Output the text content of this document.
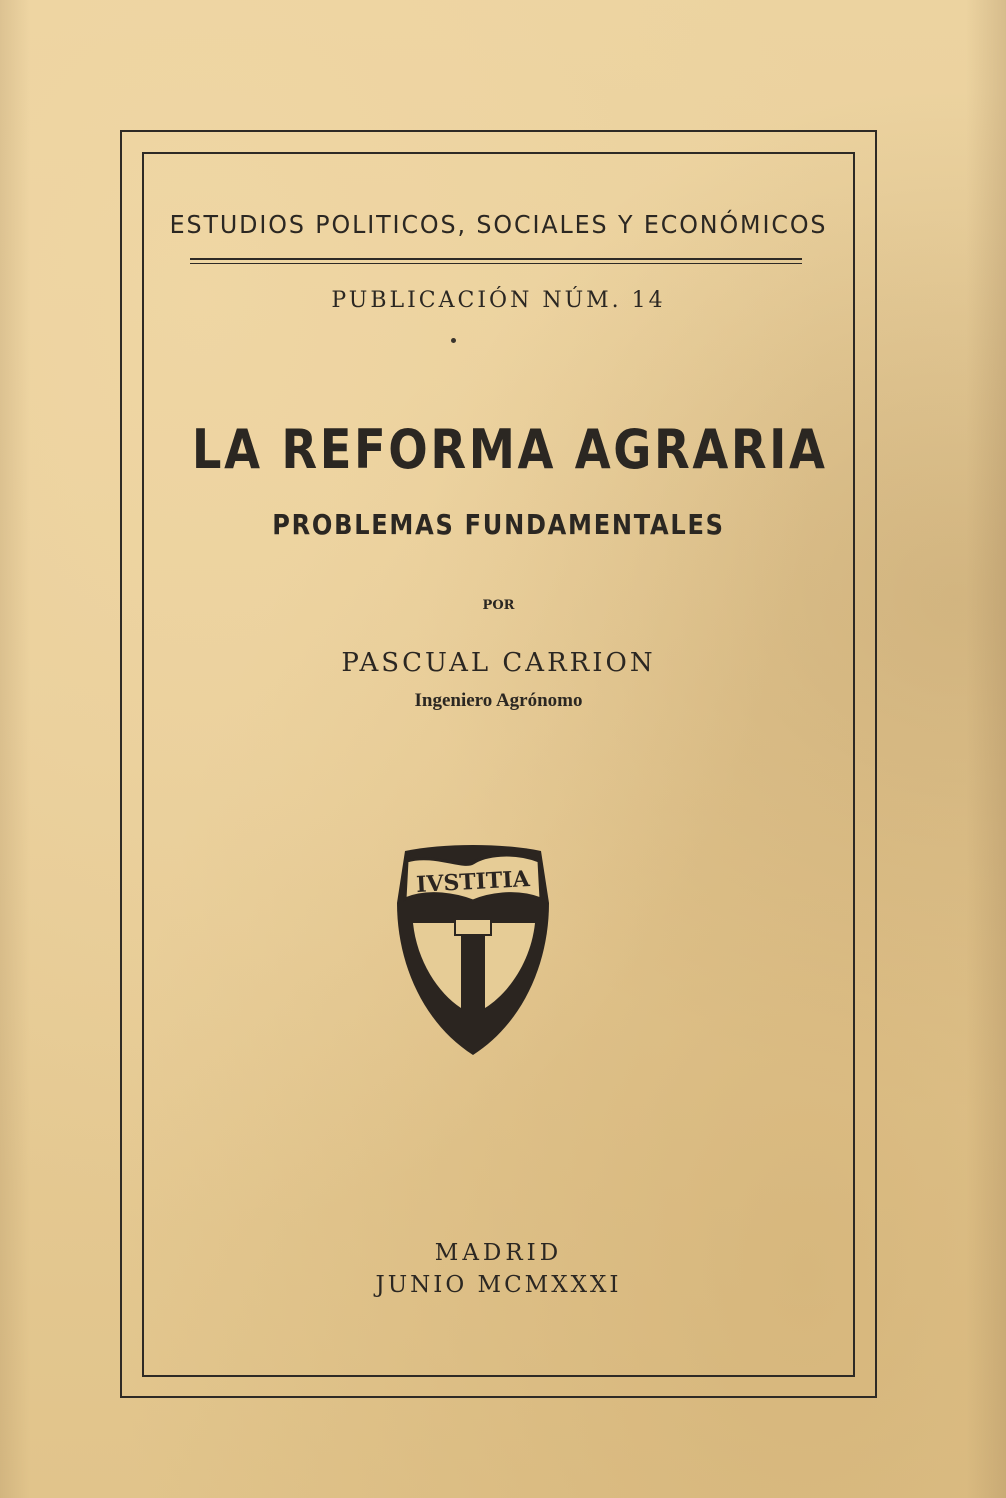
ESTUDIOS POLITICOS, SOCIALES Y ECONÓMICOS
PUBLICACIÓN NÚM. 14
LA REFORMA AGRARIA
PROBLEMAS FUNDAMENTALES
POR
PASCUAL CARRION
Ingeniero Agrónomo
IVSTITIA
MADRID
JUNIO MCMXXXI
